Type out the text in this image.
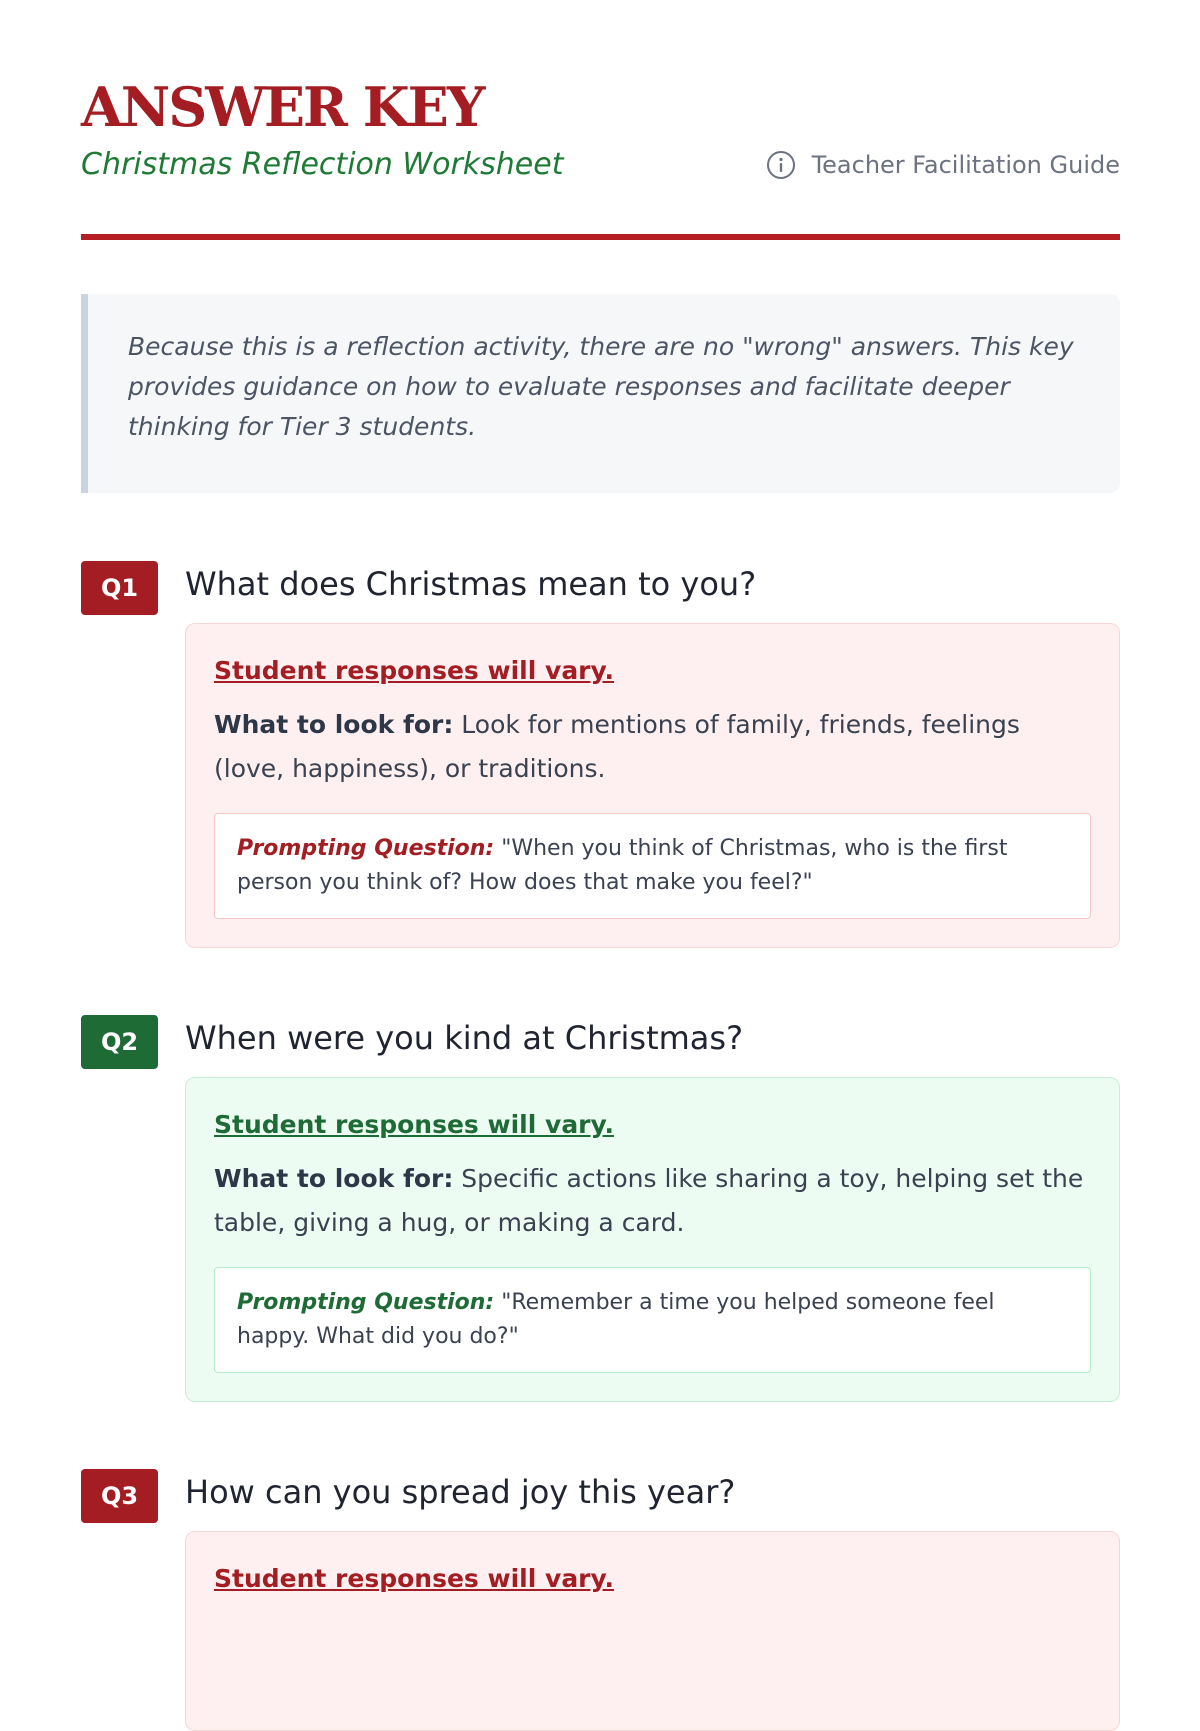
ANSWER KEY
Christmas Reflection Worksheet	Teacher Facilitation Guide
Because this is a reflection activity, there are no "wrong" answers. This key provides guidance on how to evaluate responses and facilitate deeper thinking for Tier 3 students.
Q1	What does Christmas mean to you?
Student responses will vary.
What to look for: Look for mentions of family, friends, feelings (love, happiness), or traditions.
Prompting Question: "When you think of Christmas, who is the first person you think of? How does that make you feel?"
Q2	When were you kind at Christmas?
Student responses will vary.
What to look for: Specific actions like sharing a toy, helping set the table, giving a hug, or making a card.
Prompting Question: "Remember a time you helped someone feel happy. What did you do?"
Q3	How can you spread joy this year?
Student responses will vary.
